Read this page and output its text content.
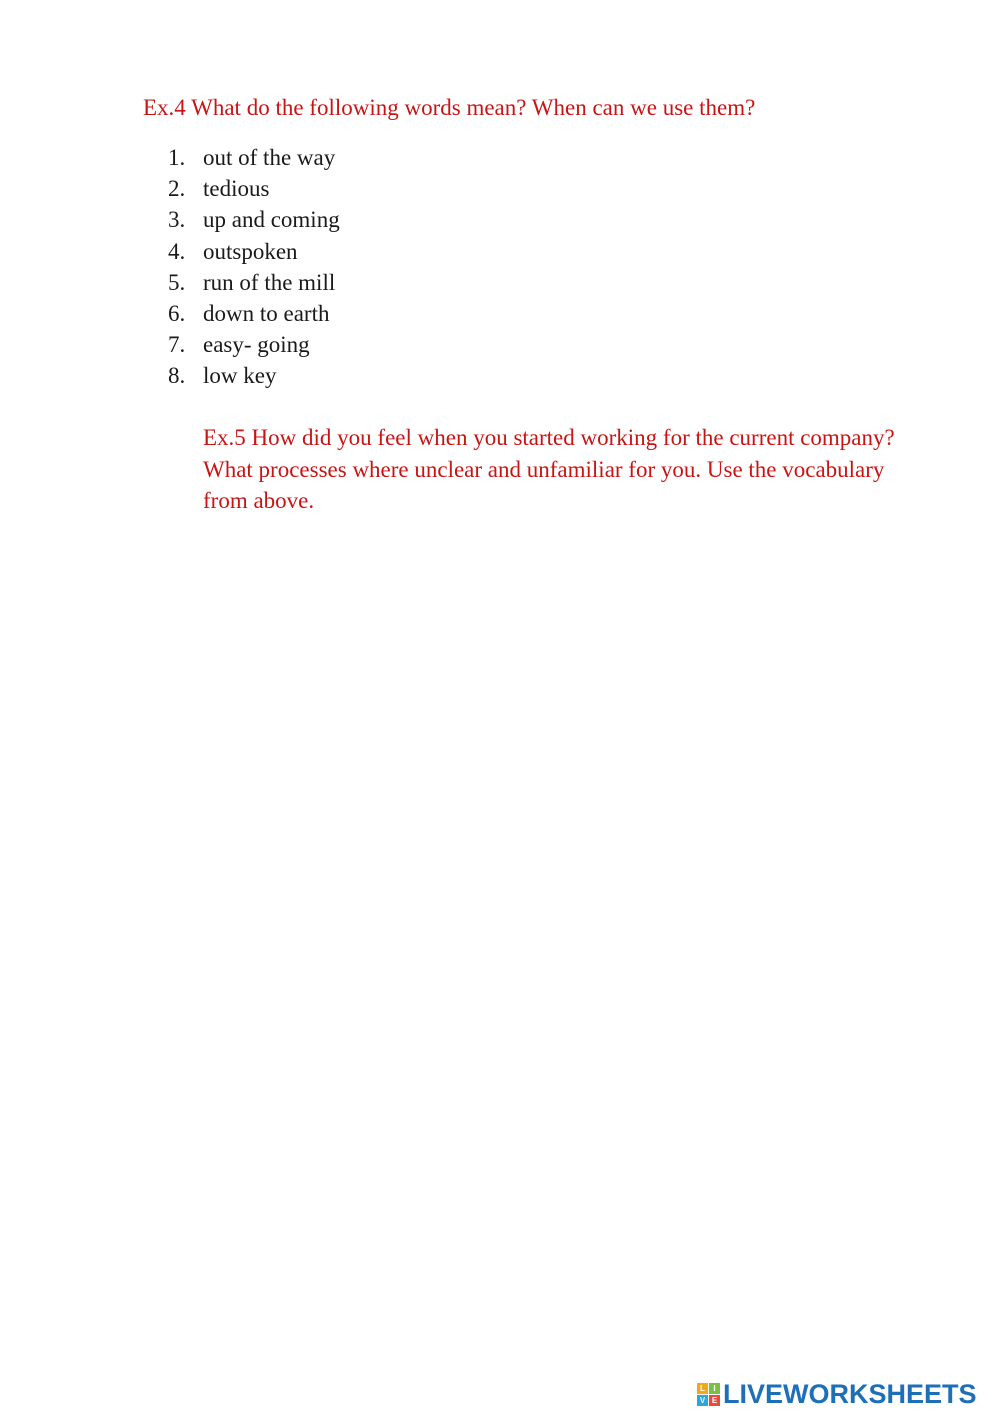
Ex.4 What do the following words mean? When can we use them?
1. out of the way
2. tedious
3. up and coming
4. outspoken
5. run of the mill
6. down to earth
7. easy- going
8. low key

Ex.5 How did you feel when you started working for the current company?

What processes where unclear and unfamiliar for you. Use the vocabulary

from above.

L	I
V E LIVEWORKSHEETS
